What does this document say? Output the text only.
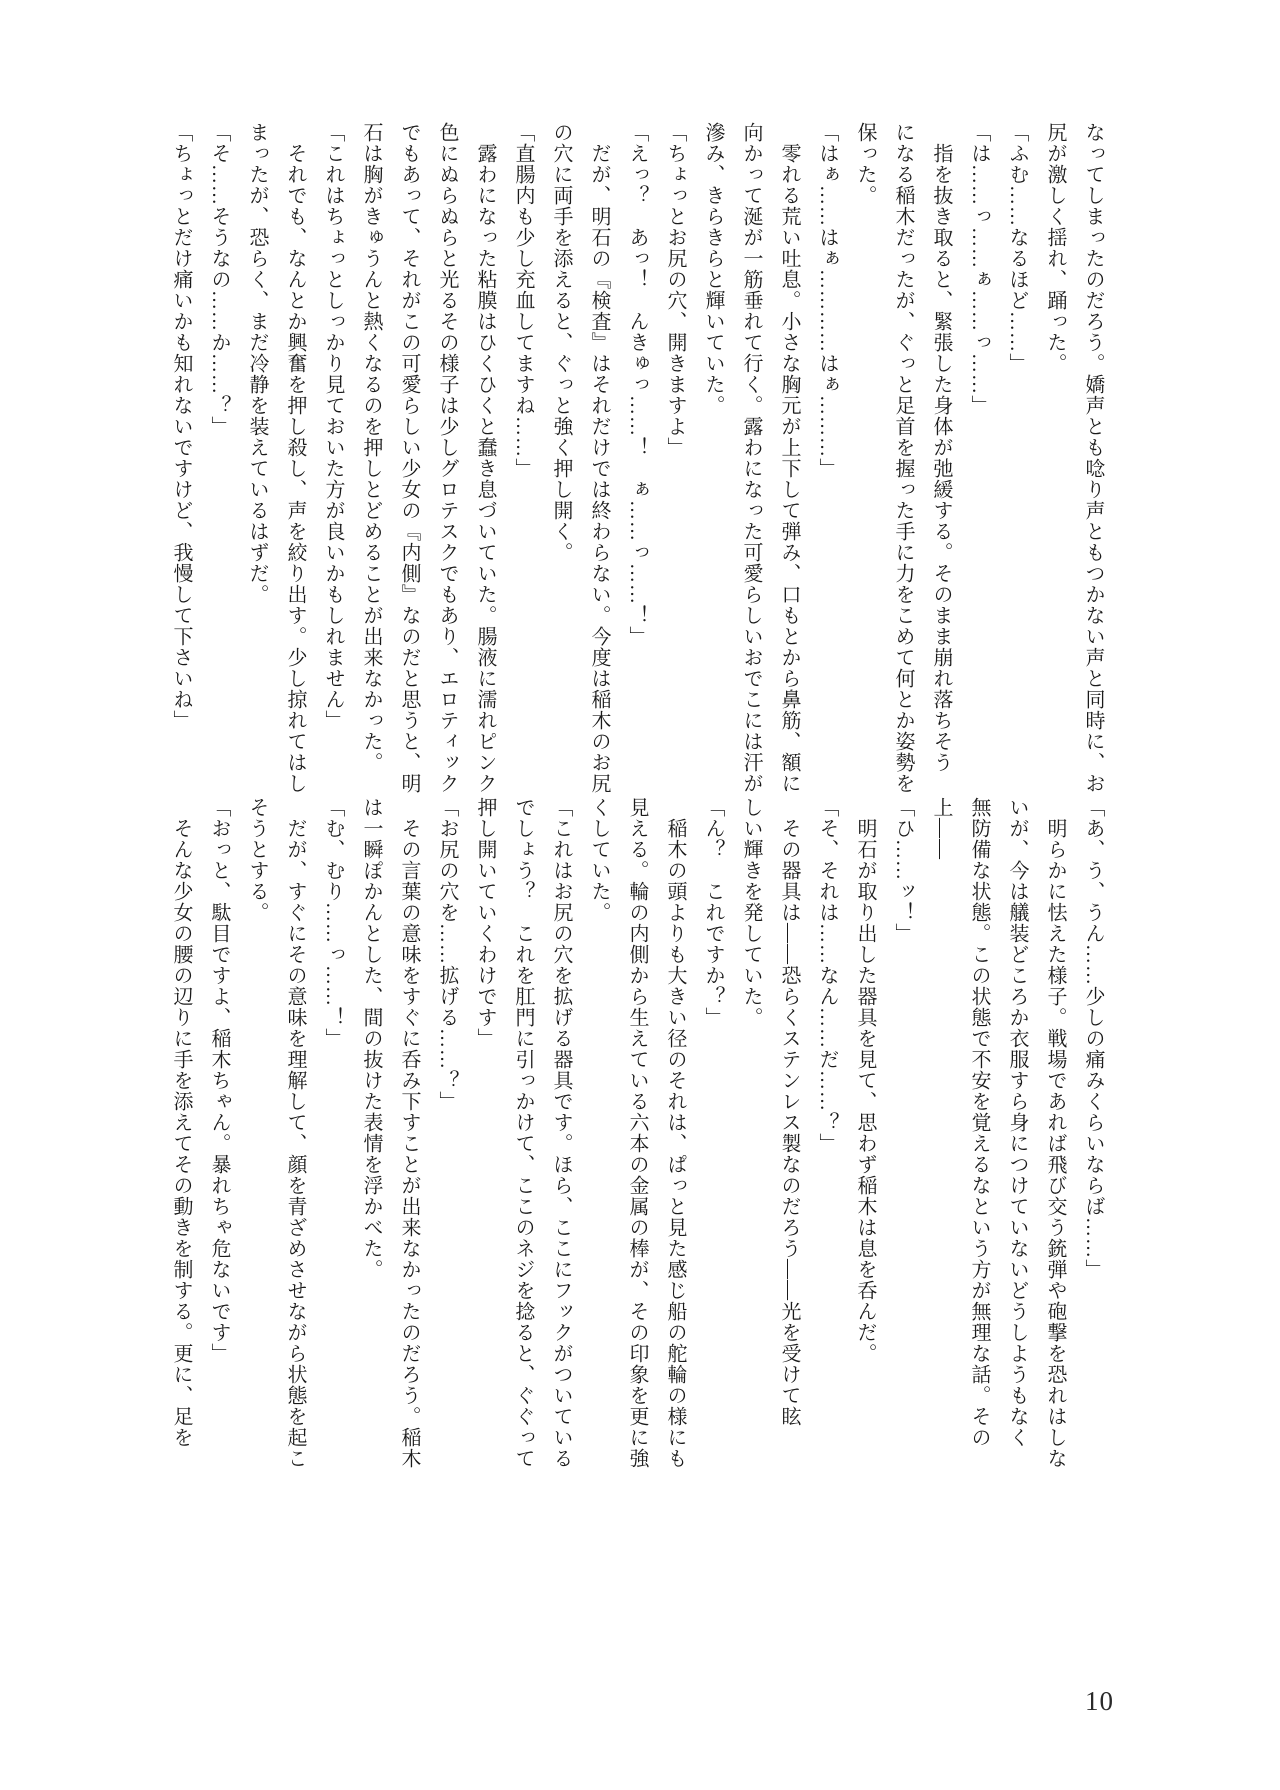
なってしまったのだろう。嬌声とも唸り声ともつかない声と同時に、お

尻が激しく揺れ、踊った。

「ふむ……なるほど……」

「は……っ……ぁ……っ……」

　指を抜き取ると、緊張した身体が弛緩する。そのまま崩れ落ちそう

になる稲木だったが、ぐっと足首を握った手に力をこめて何とか姿勢を

保った。

「はぁ……はぁ…………はぁ………」

　零れる荒い吐息。小さな胸元が上下して弾み、口もとから鼻筋、額に

向かって涎が一筋垂れて行く。露わになった可愛らしいおでこには汗が

滲み、きらきらと輝いていた。

「ちょっとお尻の穴、開きますよ」

「えっ？　あっ！　んきゅっ……！　ぁ……っ……！」

　だが、明石の『検査』はそれだけでは終わらない。今度は稲木のお尻

の穴に両手を添えると、ぐっと強く押し開く。

「直腸内も少し充血してますね……」

　露わになった粘膜はひくひくと蠢き息づいていた。腸液に濡れピンク

色にぬらぬらと光るその様子は少しグロテスクでもあり、エロティック

でもあって、それがこの可愛らしい少女の『内側』なのだと思うと、明

石は胸がきゅうんと熱くなるのを押しとどめることが出来なかった。

「これはちょっとしっかり見ておいた方が良いかもしれません」

　それでも、なんとか興奮を押し殺し、声を絞り出す。少し掠れてはし

まったが、恐らく、まだ冷静を装えているはずだ。

「そ……そうなの……か……？」

「ちょっとだけ痛いかも知れないですけど、我慢して下さいね」

「あ、う、うん……少しの痛みくらいならば……」

　明らかに怯えた様子。戦場であれば飛び交う銃弾や砲撃を恐れはしな

いが、今は艤装どころか衣服すら身につけていないどうしようもなく

無防備な状態。この状態で不安を覚えるなという方が無理な話。その

上――

「ひ……ッ！」

　明石が取り出した器具を見て、思わず稲木は息を呑んだ。

「そ、それは……なん……だ……？」

　その器具は――恐らくステンレス製なのだろう――光を受けて眩

しい輝きを発していた。

「ん？　これですか？」

　稲木の頭よりも大きい径のそれは、ぱっと見た感じ船の舵輪の様にも

見える。輪の内側から生えている六本の金属の棒が、その印象を更に強

くしていた。

「これはお尻の穴を拡げる器具です。ほら、ここにフックがついている

でしょう？　これを肛門に引っかけて、ここのネジを捻ると、ぐぐって

押し開いていくわけです」

「お尻の穴を……拡げる……？」

　その言葉の意味をすぐに呑み下すことが出来なかったのだろう。稲木

は一瞬ぽかんとした、間の抜けた表情を浮かべた。

「む、むり……っ……！」

　だが、すぐにその意味を理解して、顔を青ざめさせながら状態を起こ

そうとする。

「おっと、駄目ですよ、稲木ちゃん。暴れちゃ危ないです」

　そんな少女の腰の辺りに手を添えてその動きを制する。更に、足を

10
